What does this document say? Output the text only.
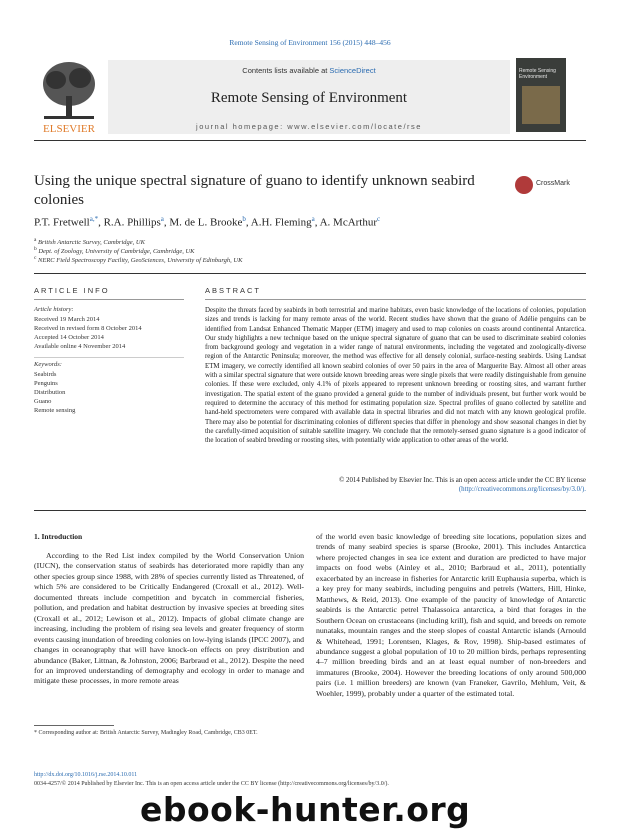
Remote Sensing of Environment 156 (2015) 448–456
Contents lists available at ScienceDirect
Remote Sensing of Environment
journal homepage: www.elsevier.com/locate/rse
ELSEVIER
Remote Sensing Environment
Using the unique spectral signature of guano to identify unknown seabird colonies
CrossMark
P.T. Fretwell$^{a,*}$, R.A. Phillips$^a$, M. de L. Brooke$^b$, A.H. Fleming$^a$, A. McArthur$^c$
$^a$ British Antarctic Survey, Cambridge, UK
$^b$ Dept. of Zoology, University of Cambridge, Cambridge, UK
$^c$ NERC Field Spectroscopy Facility, GeoSciences, University of Edinburgh, UK
ARTICLE INFO	ABSTRACT
Article history:
Received 19 March 2014
Received in revised form 8 October 2014
Accepted 14 October 2014
Available online 4 November 2014
Keywords:
Seabirds
Penguins
Distribution
Guano
Remote sensing
Despite the threats faced by seabirds in both terrestrial and marine habitats, even basic knowledge of the locations of colonies, population sizes and trends is lacking for many remote areas of the world. Recent studies have shown that the guano of Adélie penguins can be identified from Landsat Enhanced Thematic Mapper (ETM) imagery and used to map colonies on coasts around continental Antarctica. Our study highlights a new technique based on the unique spectral signature of guano that can be used to discriminate seabird colonies from background geology and vegetation in a wider range of natural environments, including the vegetated and zoologically-diverse region of the Antarctic Peninsula; moreover, the method was effective for all densely colonial, surface-nesting seabirds. Using Landsat ETM imagery, we correctly identified all known seabird colonies of over 50 pairs in the area of Marguerite Bay. Almost all other areas with a similar spectral signature that were outside known breeding areas were single pixels that were readily distinguishable from genuine colonies. If these were excluded, only 4.1% of pixels appeared to represent unknown breeding or roosting sites, and warrant further investigation. The spatial extent of the guano provided a general guide to the number of individuals present, but further work would be required to determine the accuracy of this method for estimating population size. Spectral profiles of guano collected by satellite and hand-held spectrometers were compared with available data in spectral libraries and did not match with any known geological profile. There may also be potential for discriminating colonies of different species that differ in phenology and show seasonal changes in diet by the carefully-timed acquisition of suitable satellite imagery. We conclude that the remotely-sensed guano signature is a good indicator of the location of seabird breeding or roosting sites, with potentially wide application to other areas of the world.
© 2014 Published by Elsevier Inc. This is an open access article under the CC BY license
(http://creativecommons.org/licenses/by/3.0/).
1. Introduction
According to the Red List index compiled by the World Conservation Union (IUCN), the conservation status of seabirds has deteriorated more rapidly than any other species group since 1988, with 28% of species currently listed as Threatened, of which 5% are considered to be Critically Endangered (Croxall et al., 2012). Well-documented threats include competition and bycatch in commercial fisheries, pollution, and predation and habitat destruction by invasive species at breeding sites (Croxall et al., 2012; Lewison et al., 2012). Impacts of global climate change are increasing, including the problem of rising sea levels and greater frequency of storm events causing inundation of breeding colonies on low-lying islands (IPCC 2007), and changes in oceanography that will have knock-on effects on prey distribution and abundance (Baker, Littnan, & Johnston, 2006; Barbraud et al., 2012). Despite the need for an improved understanding of demography and ecology in order to manage and mitigate these processes, in more remote areas
of the world even basic knowledge of breeding site locations, population sizes and trends of many seabird species is sparse (Brooke, 2001). This includes Antarctica where projected changes in sea ice extent and duration are predicted to have major impacts on food webs (Ainley et al., 2010; Barbraud et al., 2011), potentially exacerbated by an increase in fisheries for Antarctic krill Euphausia superba, which is a key prey for many seabirds, including penguins and petrels (Watters, Hill, Hinke, Matthews, & Reid, 2013). One example of the paucity of knowledge of Antarctic seabirds is the Antarctic petrel Thalassoica antarctica, a bird that forages in the Southern Ocean on crustaceans (including krill), fish and squid, and breeds on remote nunataks, mountain ranges and the steep slopes of coastal Antarctic islands (Arnould & Whitehead, 1991; Lorentsen, Klages, & Rov, 1998). Ship-based estimates of abundance suggest a global population of 10 to 20 million birds, perhaps representing 4–7 million breeding birds and an at least equal number of non-breeders and immatures (Brooke, 2004). However the breeding locations of only around 500,000 pairs (i.e. 1 million breeders) are known (van Franeker, Gavrilo, Mehlum, Veit, & Woehler, 1999), probably under a quarter of the estimated total.
* Corresponding author at: British Antarctic Survey, Madingley Road, Cambridge, CB3 0ET.
http://dx.doi.org/10.1016/j.rse.2014.10.011
0034-4257/© 2014 Published by Elsevier Inc. This is an open access article under the CC BY license (http://creativecommons.org/licenses/by/3.0/).
ebook-hunter.org
